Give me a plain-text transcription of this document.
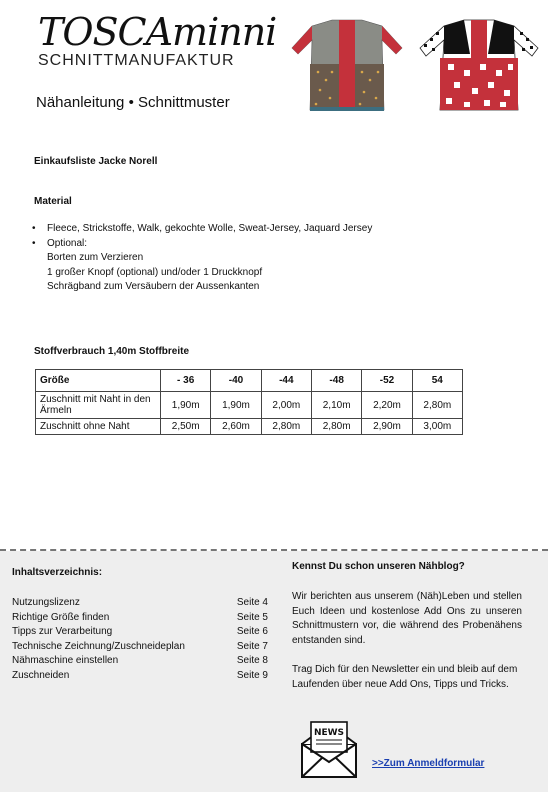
TOSCAminni
SCHNITTMANUFAKTUR
Nähanleitung • Schnittmuster
Einkaufsliste Jacke Norell
Material
•	Fleece, Strickstoffe, Walk, gekochte Wolle, Sweat-Jersey, Jaquard Jersey
•	Optional:
Borten zum Verzieren
1 großer Knopf (optional) und/oder 1 Druckknopf
Schrägband zum Versäubern der Aussenkanten
Stoffverbrauch 1,40m Stoffbreite
Größe	- 36	-40	-44	-48	-52	54
Zuschnitt mit Naht in den Ärmeln	1,90m	1,90m	2,00m	2,10m	2,20m	2,80m
Zuschnitt ohne Naht	2,50m	2,60m	2,80m	2,80m	2,90m	3,00m
Inhaltsverzeichnis:
Nutzungslizenz	Seite 4
Richtige Größe finden	Seite 5
Tipps zur Verarbeitung	Seite 6
Technische Zeichnung/Zuschneideplan	Seite 7
Nähmaschine einstellen	Seite 8
Zuschneiden	Seite 9
Kennst Du schon unseren Nähblog?
Wir berichten aus unserem (Näh)Leben und stellen Euch Ideen und kostenlose Add Ons zu unseren Schnittmustern vor, die während des Probenähens entstanden sind.
Trag Dich für den Newsletter ein und bleib auf dem Laufenden über neue Add Ons, Tipps und Tricks.
NEWS
>>Zum Anmeldformular
